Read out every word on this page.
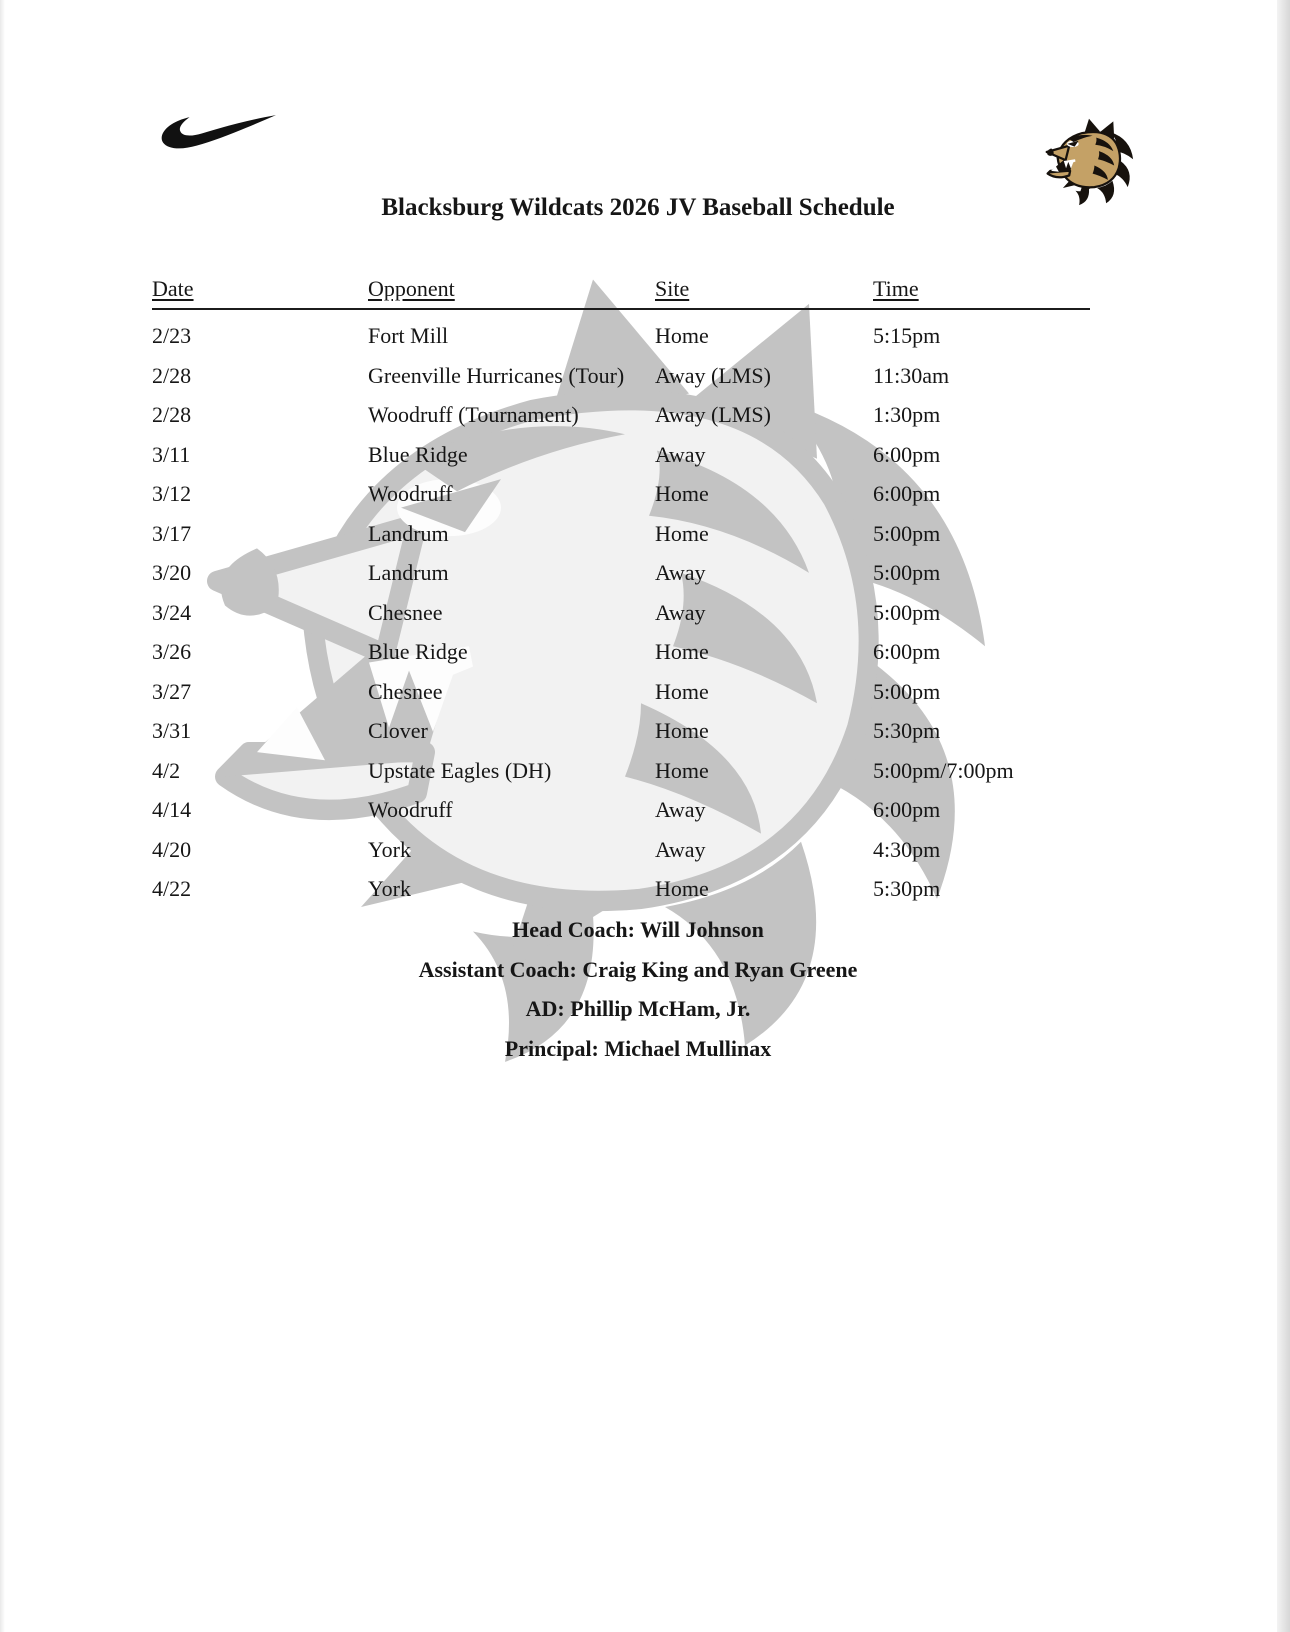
Blacksburg Wildcats 2026 JV Baseball Schedule
Date	Opponent	Site	Time
2/23	Fort Mill	Home	5:15pm
2/28	Greenville Hurricanes (Tour)	Away (LMS)	11:30am
2/28	Woodruff (Tournament)	Away (LMS)	1:30pm
3/11	Blue Ridge	Away	6:00pm
3/12	Woodruff	Home	6:00pm
3/17	Landrum	Home	5:00pm
3/20	Landrum	Away	5:00pm
3/24	Chesnee	Away	5:00pm
3/26	Blue Ridge	Home	6:00pm
3/27	Chesnee	Home	5:00pm
3/31	Clover	Home	5:30pm
4/2	Upstate Eagles (DH)	Home	5:00pm/7:00pm
4/14	Woodruff	Away	6:00pm
4/20	York	Away	4:30pm
4/22	York	Home	5:30pm
Head Coach: Will Johnson
Assistant Coach: Craig King and Ryan Greene
AD: Phillip McHam, Jr.
Principal: Michael Mullinax
